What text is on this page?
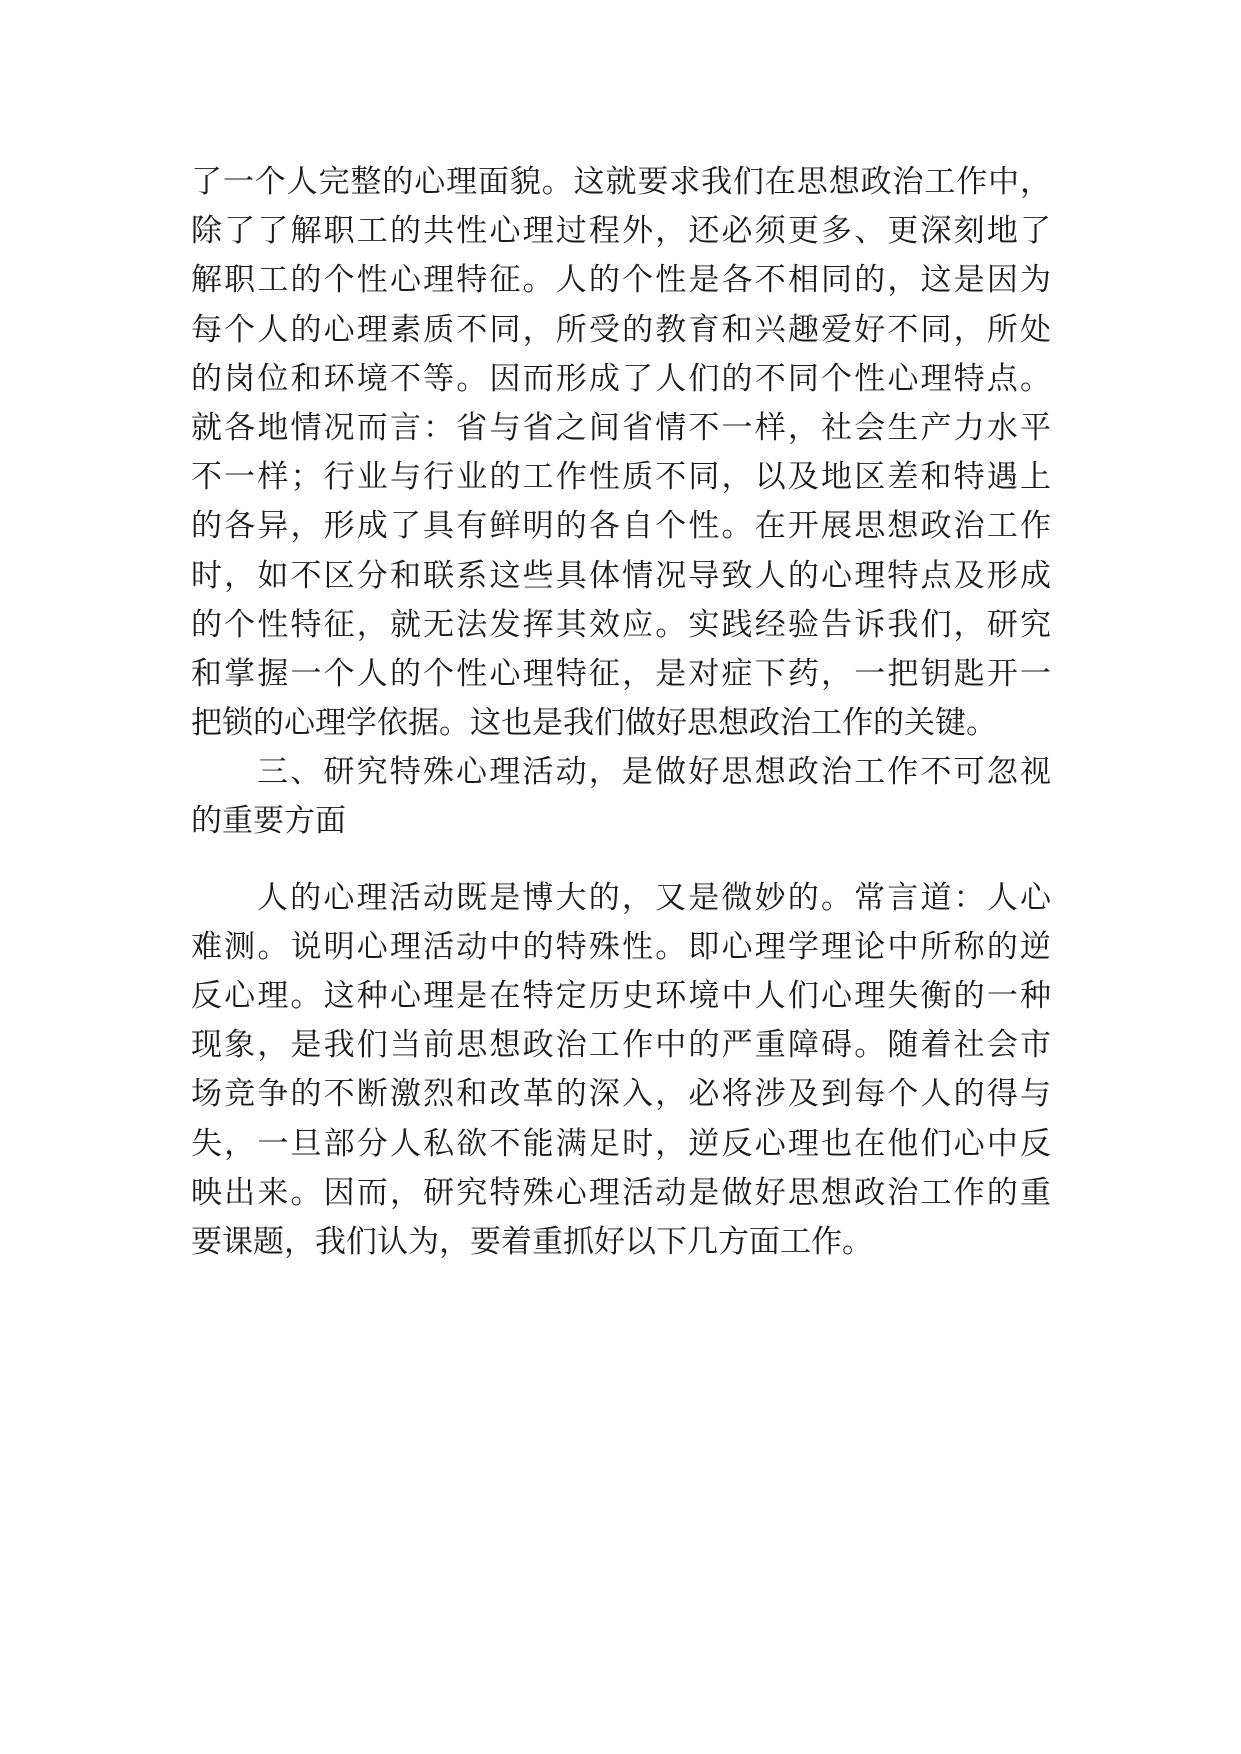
了一个人完整的心理面貌。这就要求我们在思想政治工作中，
除了了解职工的共性心理过程外，还必须更多、更深刻地了
解职工的个性心理特征。人的个性是各不相同的，这是因为
每个人的心理素质不同，所受的教育和兴趣爱好不同，所处
的岗位和环境不等。因而形成了人们的不同个性心理特点。
就各地情况而言：省与省之间省情不一样，社会生产力水平
不一样；行业与行业的工作性质不同，以及地区差和特遇上
的各异，形成了具有鲜明的各自个性。在开展思想政治工作
时，如不区分和联系这些具体情况导致人的心理特点及形成
的个性特征，就无法发挥其效应。实践经验告诉我们，研究
和掌握一个人的个性心理特征，是对症下药，一把钥匙开一
把锁的心理学依据。这也是我们做好思想政治工作的关键。
三、研究特殊心理活动，是做好思想政治工作不可忽视
的重要方面
人的心理活动既是博大的，又是微妙的。常言道：人心
难测。说明心理活动中的特殊性。即心理学理论中所称的逆
反心理。这种心理是在特定历史环境中人们心理失衡的一种
现象，是我们当前思想政治工作中的严重障碍。随着社会市
场竞争的不断激烈和改革的深入，必将涉及到每个人的得与
失，一旦部分人私欲不能满足时，逆反心理也在他们心中反
映出来。因而，研究特殊心理活动是做好思想政治工作的重
要课题，我们认为，要着重抓好以下几方面工作。
